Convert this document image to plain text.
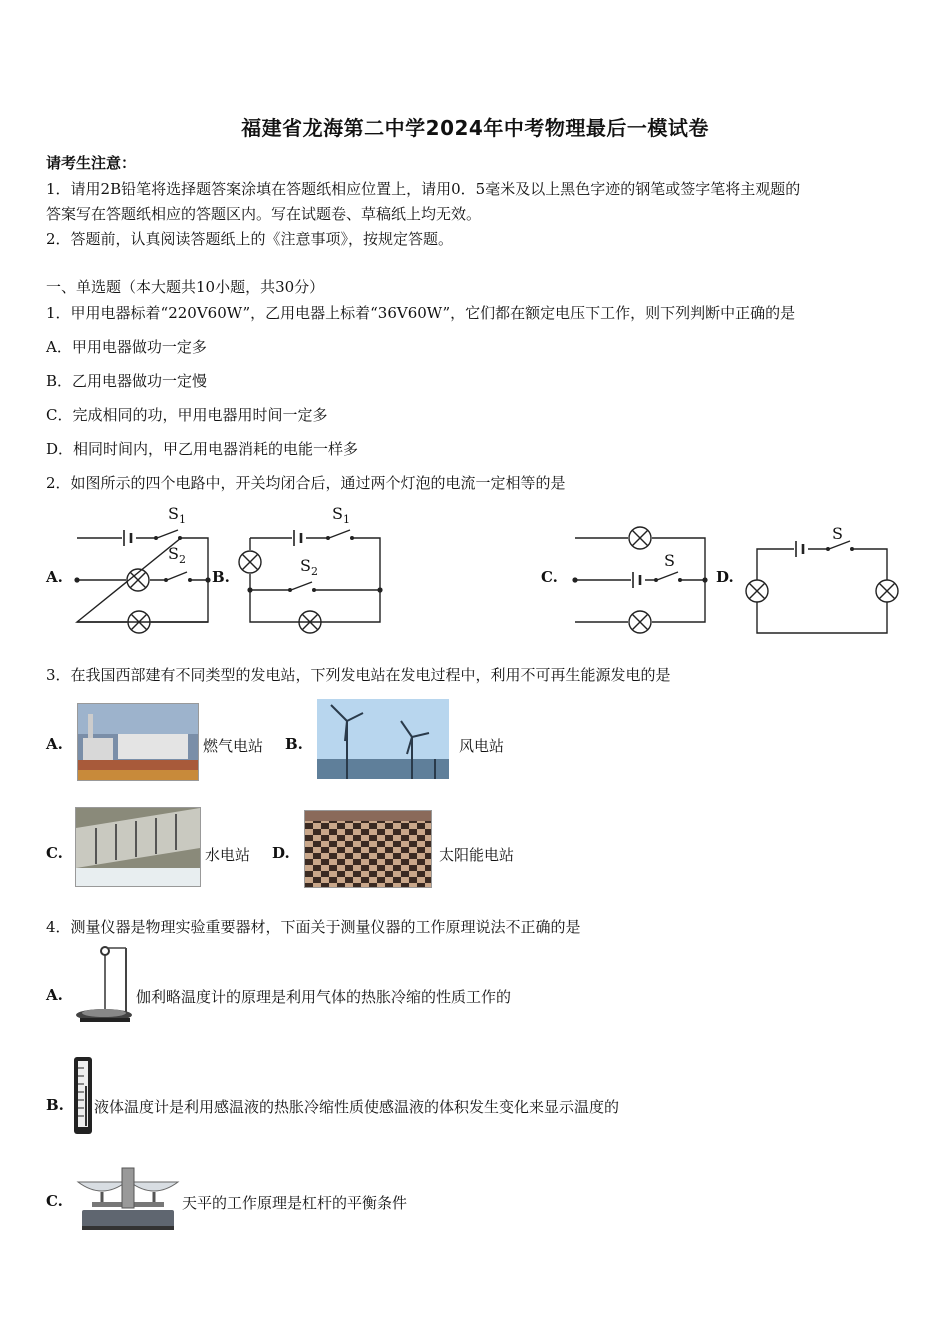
福建省龙海第二中学2024年中考物理最后一模试卷
请考生注意：
1．请用2B铅笔将选择题答案涂填在答题纸相应位置上，请用0．5毫米及以上黑色字迹的钢笔或签字笔将主观题的
答案写在答题纸相应的答题区内。写在试题卷、草稿纸上均无效。
2．答题前，认真阅读答题纸上的《注意事项》，按规定答题。
一、单选题（本大题共10小题，共30分）
1．甲用电器标着“220V60W”，乙用电器上标着“36V60W”，它们都在额定电压下工作，则下列判断中正确的是
A．甲用电器做功一定多
B．乙用电器做功一定慢
C．完成相同的功，甲用电器用时间一定多
D．相同时间内，甲乙用电器消耗的电能一样多
2．如图所示的四个电路中，开关均闭合后，通过两个灯泡的电流一定相等的是
A.	B.	C.	D.
$S_1$
$S_2$
$S_1$
$S_2$
S
S
3．在我国西部建有不同类型的发电站，下列发电站在发电过程中，利用不可再生能源发电的是
A.	燃气电站 B.	风电站
C.	水电站 D.	太阳能电站
4．测量仪器是物理实验重要器材，下面关于测量仪器的工作原理说法不正确的是
A.	伽利略温度计的原理是利用气体的热胀冷缩的性质工作的
B. 液体温度计是利用感温液的热胀冷缩性质使感温液的体积发生变化来显示温度的
C.	天平的工作原理是杠杆的平衡条件
